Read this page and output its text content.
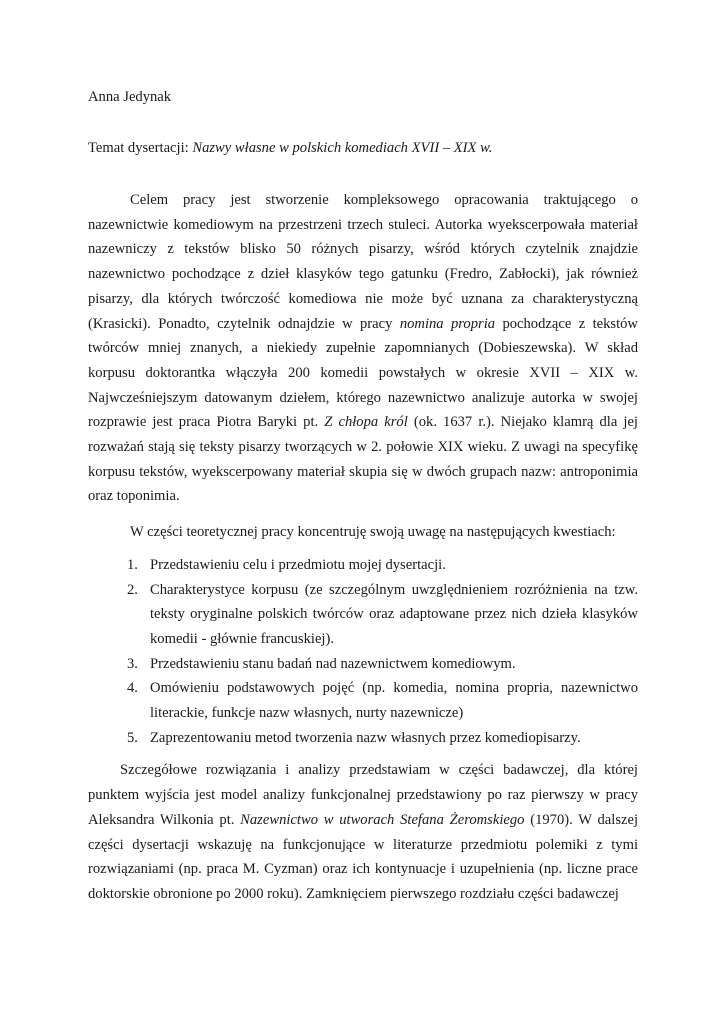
Anna Jedynak

Temat dysertacji: Nazwy własne w polskich komediach XVII – XIX w.

Celem pracy jest stworzenie kompleksowego opracowania traktującego o nazewnictwie komediowym na przestrzeni trzech stuleci. Autorka wyekscerpowała materiał nazewniczy z tekstów blisko 50 różnych pisarzy, wśród których czytelnik znajdzie nazewnictwo pochodzące z dzieł klasyków tego gatunku (Fredro, Zabłocki), jak również pisarzy, dla których twórczość komediowa nie może być uznana za charakterystyczną (Krasicki). Ponadto, czytelnik odnajdzie w pracy nomina propria pochodzące z tekstów twórców mniej znanych, a niekiedy zupełnie zapomnianych (Dobieszewska). W skład korpusu doktorantka włączyła 200 komedii powstałych w okresie XVII – XIX w. Najwcześniejszym datowanym dziełem, którego nazewnictwo analizuje autorka w swojej rozprawie jest praca Piotra Baryki pt. Z chłopa król (ok. 1637 r.). Niejako klamrą dla jej rozważań stają się teksty pisarzy tworzących w 2. połowie XIX wieku. Z uwagi na specyfikę korpusu tekstów, wyekscerpowany materiał skupia się w dwóch grupach nazw: antroponimia oraz toponimia.

W części teoretycznej pracy koncentruję swoją uwagę na następujących kwestiach:

1. Przedstawieniu celu i przedmiotu mojej dysertacji.
2. Charakterystyce korpusu (ze szczególnym uwzględnieniem rozróżnienia na tzw. teksty oryginalne polskich twórców oraz adaptowane przez nich dzieła klasyków komedii - głównie francuskiej).
3. Przedstawieniu stanu badań nad nazewnictwem komediowym.
4. Omówieniu podstawowych pojęć (np. komedia, nomina propria, nazewnictwo literackie, funkcje nazw własnych, nurty nazewnicze)
5. Zaprezentowaniu metod tworzenia nazw własnych przez komediopisarzy.

Szczegółowe rozwiązania i analizy przedstawiam w części badawczej, dla której punktem wyjścia jest model analizy funkcjonalnej przedstawiony po raz pierwszy w pracy Aleksandra Wilkonia pt. Nazewnictwo w utworach Stefana Żeromskiego (1970). W dalszej części dysertacji wskazuję na funkcjonujące w literaturze przedmiotu polemiki z tymi rozwiązaniami (np. praca M. Cyzman) oraz ich kontynuacje i uzupełnienia (np. liczne prace doktorskie obronione po 2000 roku). Zamknięciem pierwszego rozdziału części badawczej
